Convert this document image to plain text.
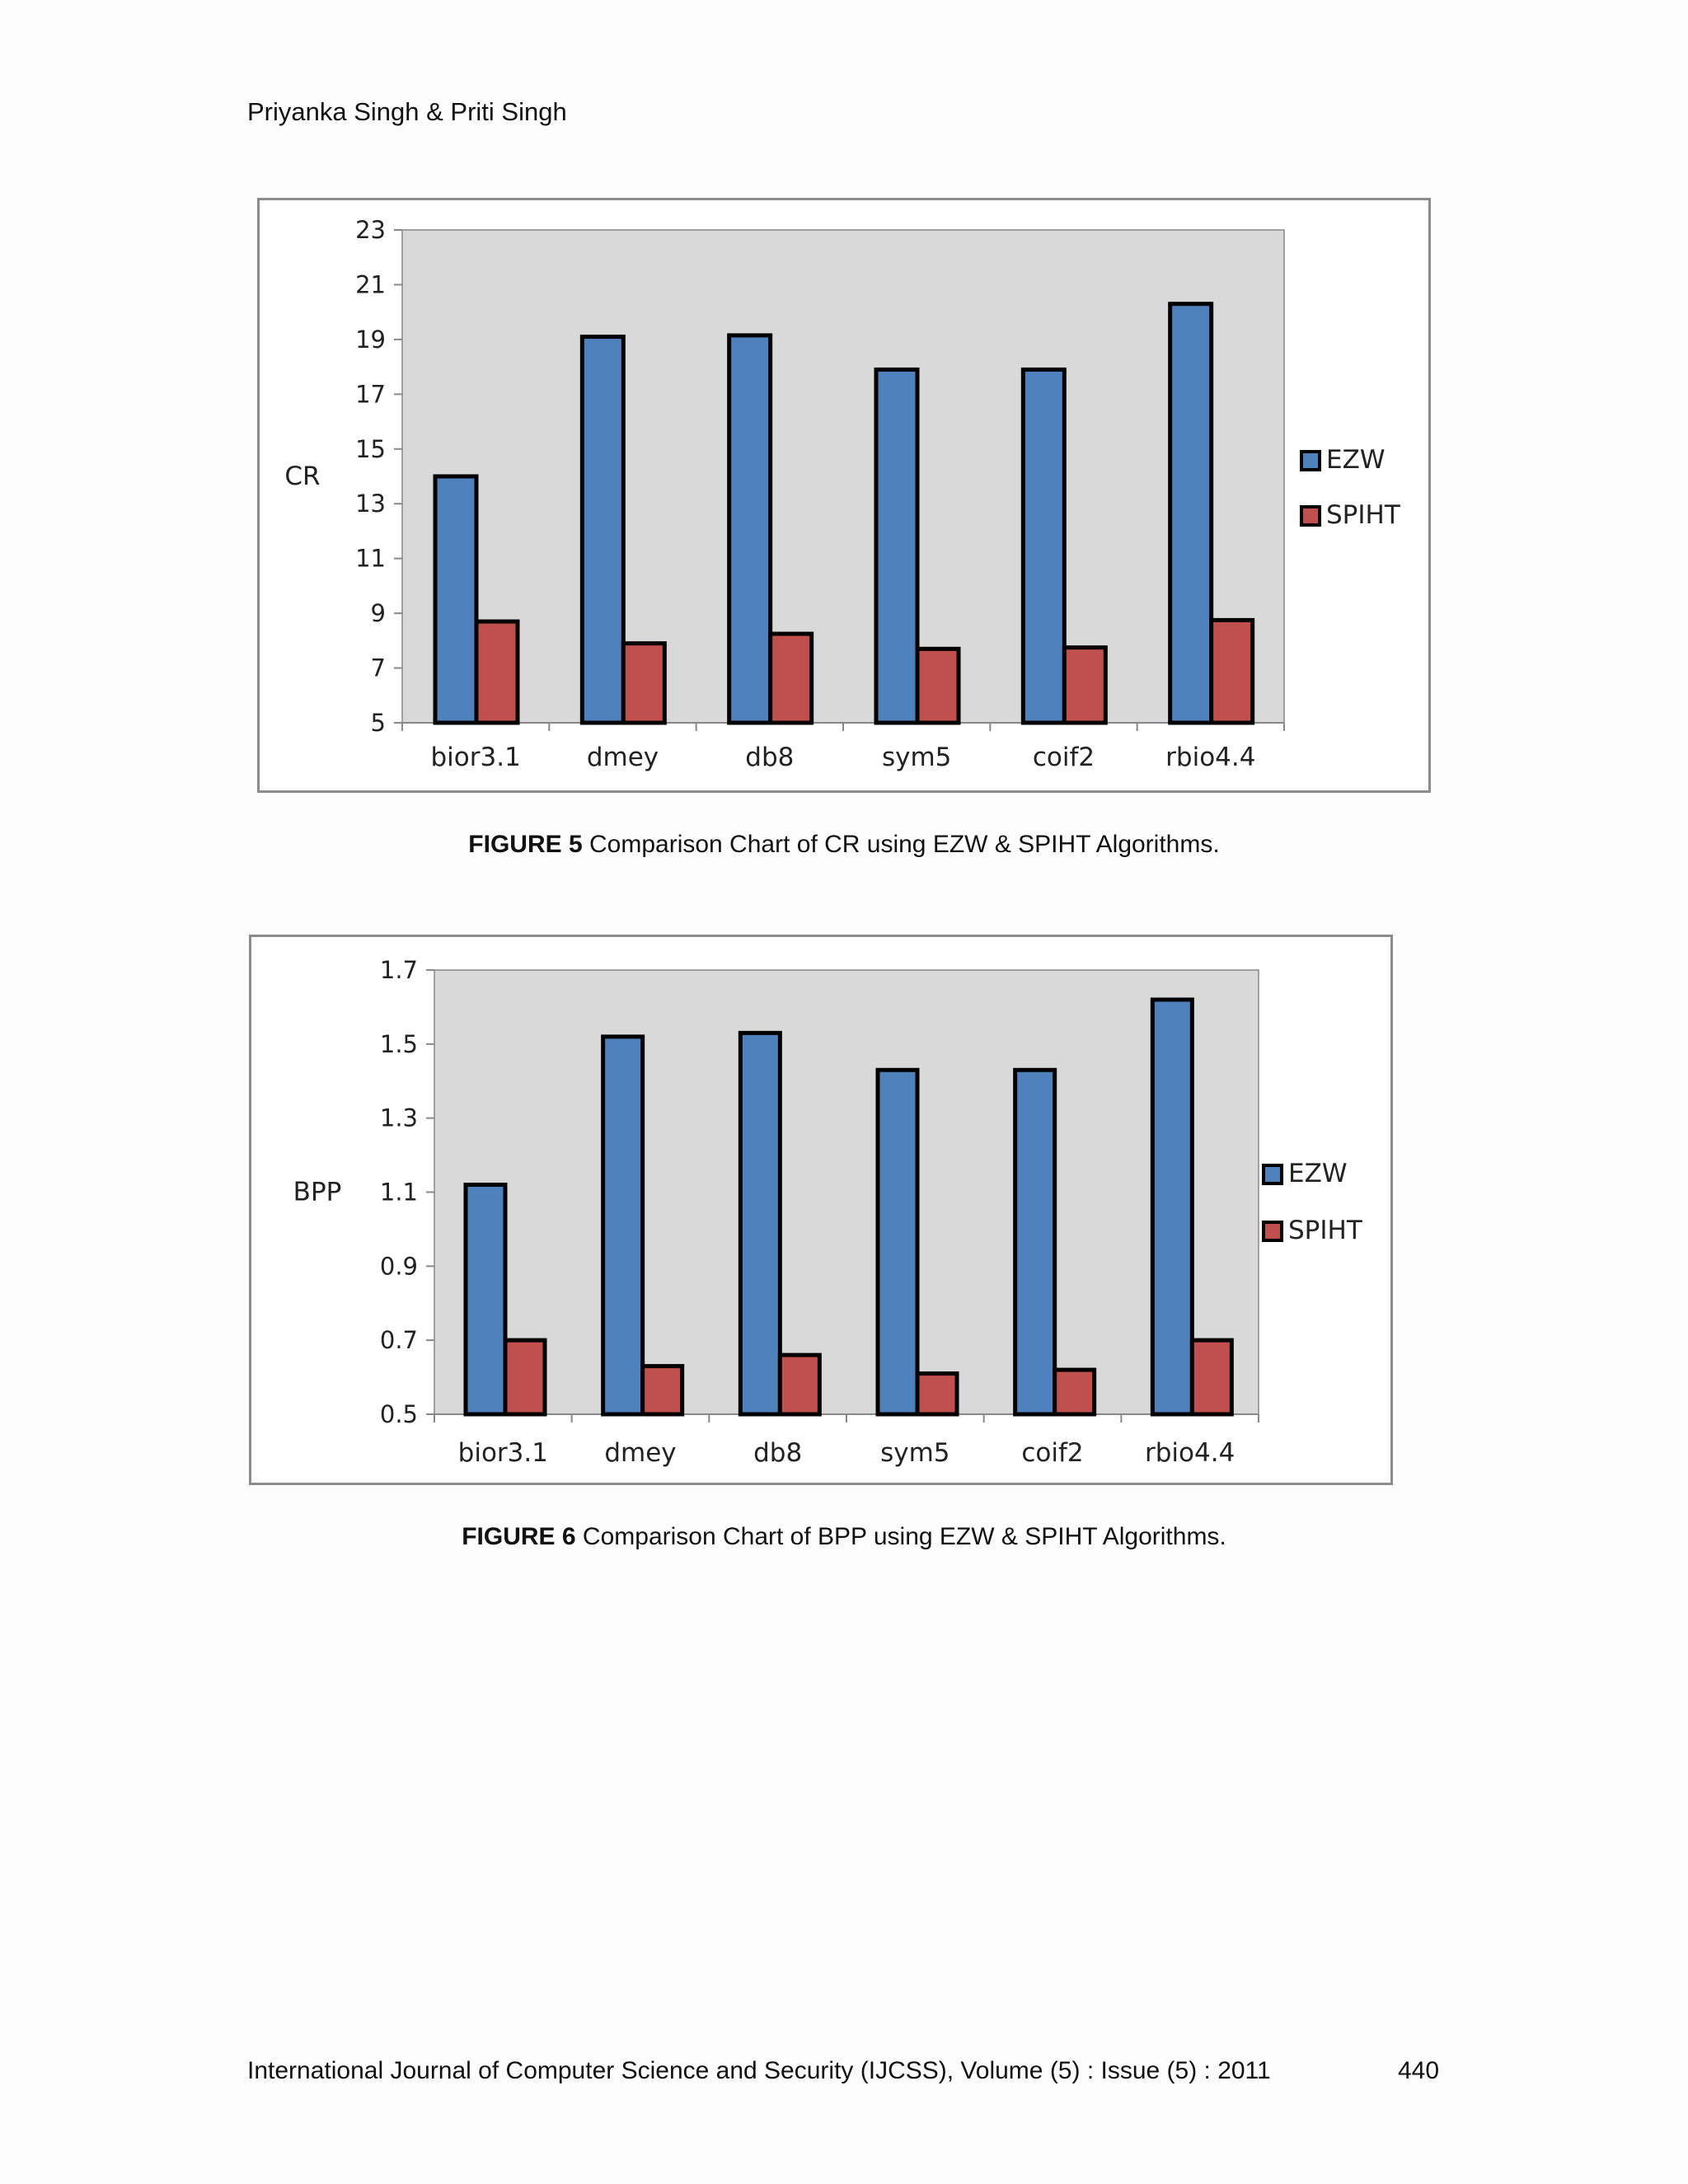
Priyanka Singh & Priti Singh
5
7
9
11
13
15
17
19
21
23
CR
bior3.1	dmey	db8	sym5	coif2	rbio4.4
EZW
SPIHT
FIGURE 5 Comparison Chart of CR using EZW & SPIHT Algorithms.
0.5
0.7
0.9
1.1
1.3
1.5
1.7
BPP
bior3.1 dmey	db8	sym5	coif2 rbio4.4
EZW
SPIHT
FIGURE 6 Comparison Chart of BPP using EZW & SPIHT Algorithms.
International Journal of Computer Science and Security (IJCSS), Volume (5) : Issue (5) : 2011	440
